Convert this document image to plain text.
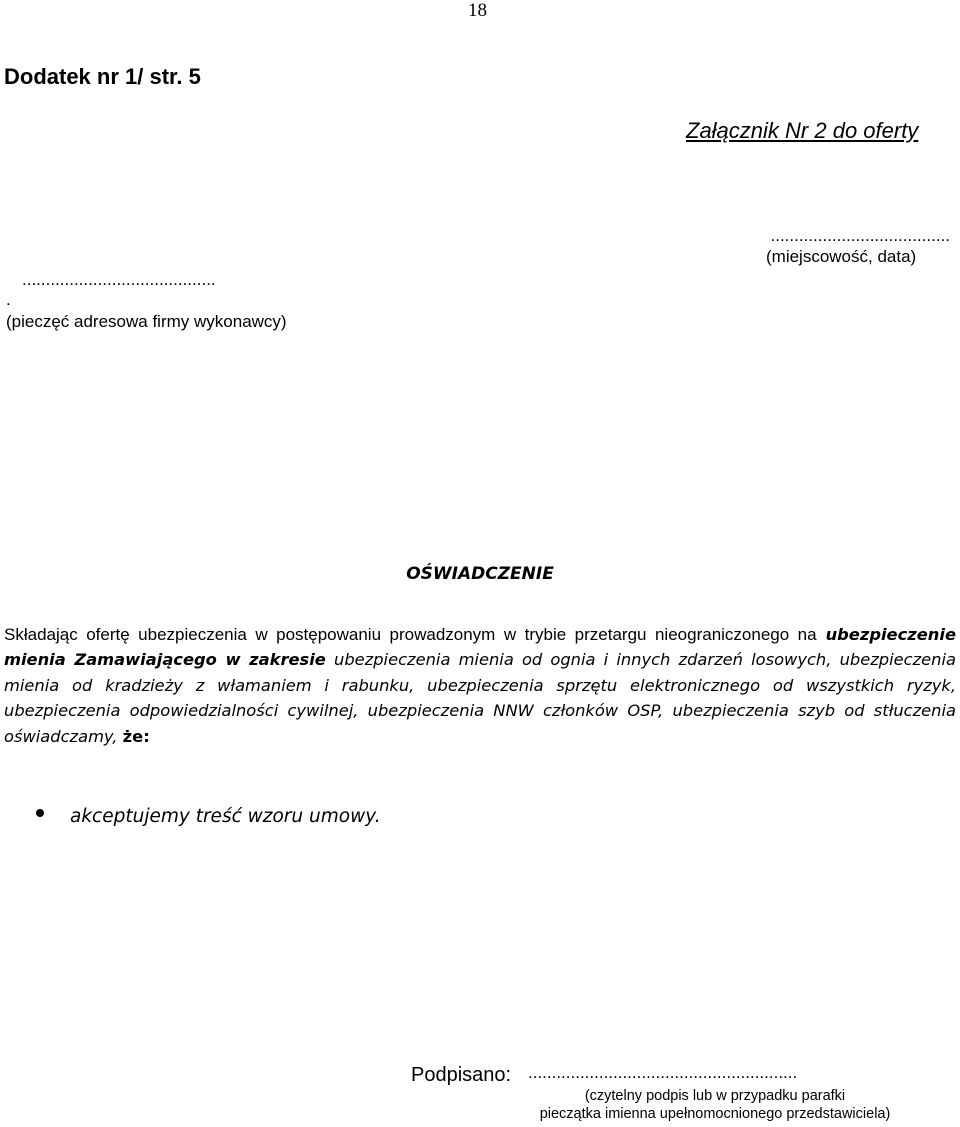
18
Dodatek nr 1/ str. 5
Załącznik Nr 2 do oferty
......................................
(miejscowość, data)
.........................................
.
(pieczęć adresowa firmy wykonawcy)
OŚWIADCZENIE
Składając ofertę ubezpieczenia w postępowaniu prowadzonym w trybie przetargu nieograniczonego na ubezpieczenie mienia Zamawiającego w zakresie ubezpieczenia mienia od ognia i innych zdarzeń losowych, ubezpieczenia mienia od kradzieży z włamaniem i rabunku, ubezpieczenia sprzętu elektronicznego od wszystkich ryzyk, ubezpieczenia odpowiedzialności cywilnej, ubezpieczenia NNW członków OSP, ubezpieczenia szyb od stłuczenia oświadczamy, że:
akceptujemy treść wzoru umowy.
Podpisano: .........................................................
(czytelny podpis lub w przypadku parafki
pieczątka imienna upełnomocnionego przedstawiciela)
